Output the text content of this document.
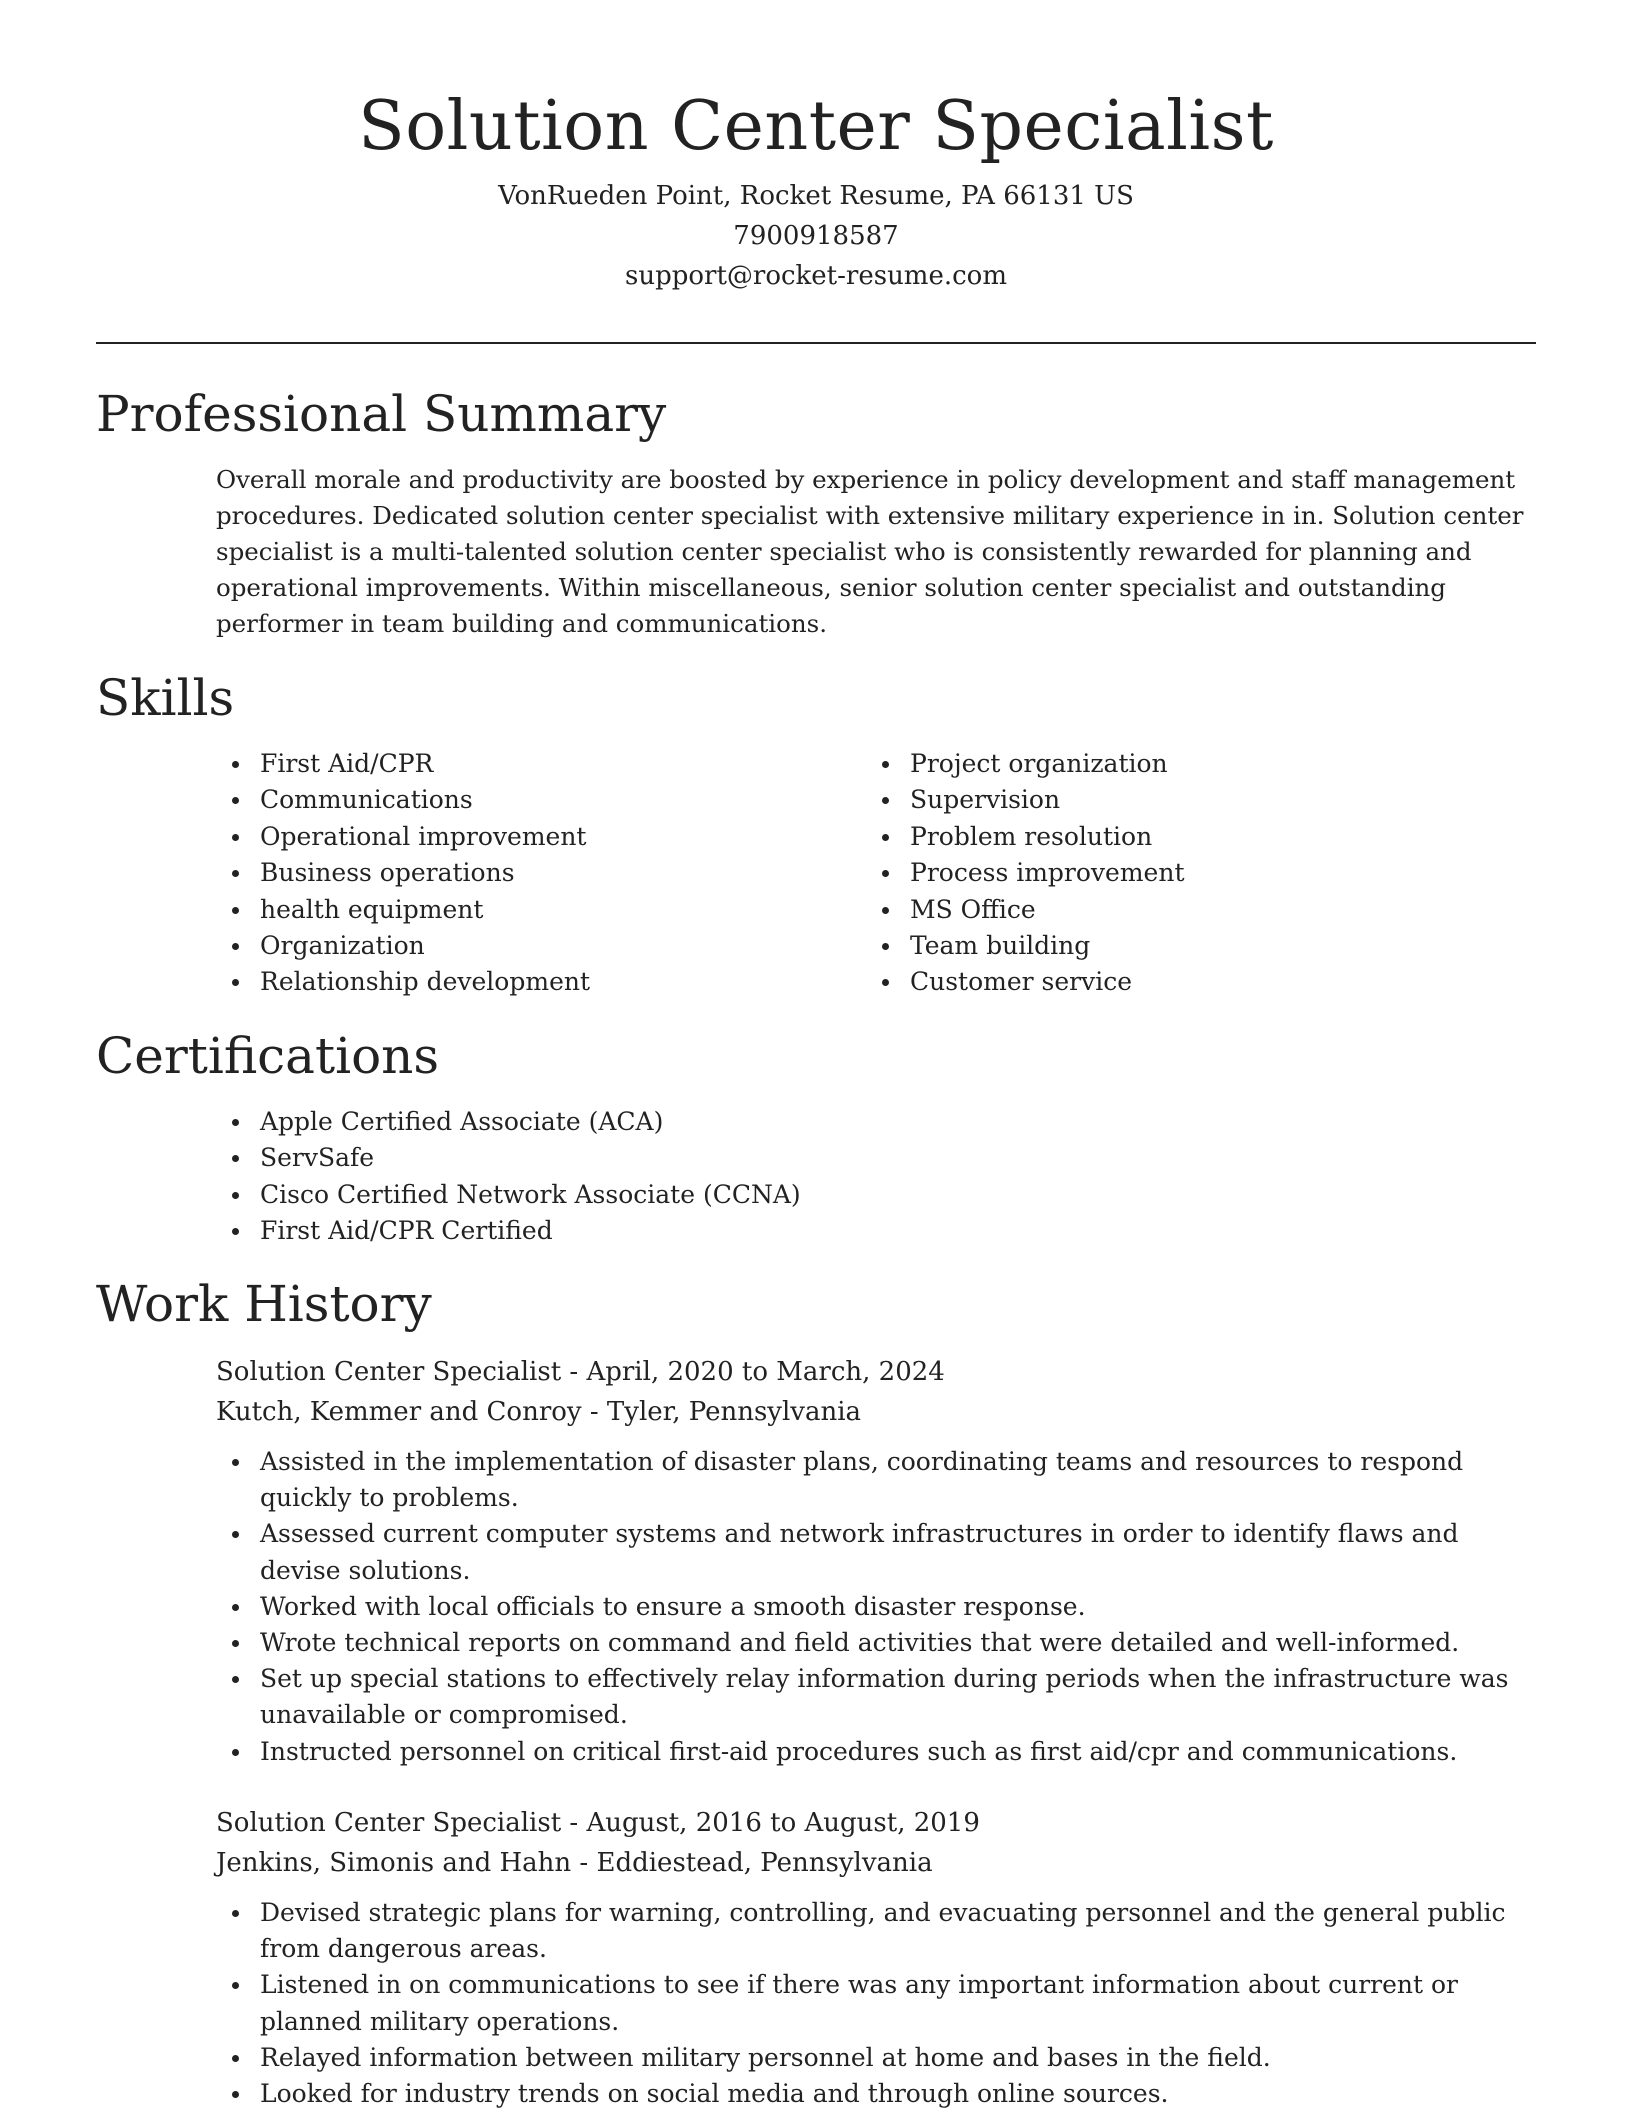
Solution Center Specialist
VonRueden Point, Rocket Resume, PA 66131 US
7900918587
support@rocket-resume.com
Professional Summary

Overall morale and productivity are boosted by experience in policy development and staff management procedures. Dedicated solution center specialist with extensive military experience in in. Solution center specialist is a multi-talented solution center specialist who is consistently rewarded for planning and operational improvements. Within miscellaneous, senior solution center specialist and outstanding performer in team building and communications.

Skills
First Aid/CPR
Communications
Operational improvement
Business operations
health equipment
Organization
Relationship development
Project organization
Supervision
Problem resolution
Process improvement
MS Office
Team building
Customer service
Certifications
Apple Certified Associate (ACA)
ServSafe
Cisco Certified Network Associate (CCNA)
First Aid/CPR Certified
Work History

Solution Center Specialist - April, 2020 to March, 2024

Kutch, Kemmer and Conroy - Tyler, Pennsylvania

Assisted in the implementation of disaster plans, coordinating teams and resources to respond quickly to problems.
Assessed current computer systems and network infrastructures in order to identify flaws and devise solutions.
Worked with local officials to ensure a smooth disaster response.
Wrote technical reports on command and field activities that were detailed and well-informed.
Set up special stations to effectively relay information during periods when the infrastructure was unavailable or compromised.
Instructed personnel on critical first-aid procedures such as first aid/cpr and communications.

Solution Center Specialist - August, 2016 to August, 2019

Jenkins, Simonis and Hahn - Eddiestead, Pennsylvania

Devised strategic plans for warning, controlling, and evacuating personnel and the general public from dangerous areas.
Listened in on communications to see if there was any important information about current or planned military operations.
Relayed information between military personnel at home and bases in the field.
Looked for industry trends on social media and through online sources.
